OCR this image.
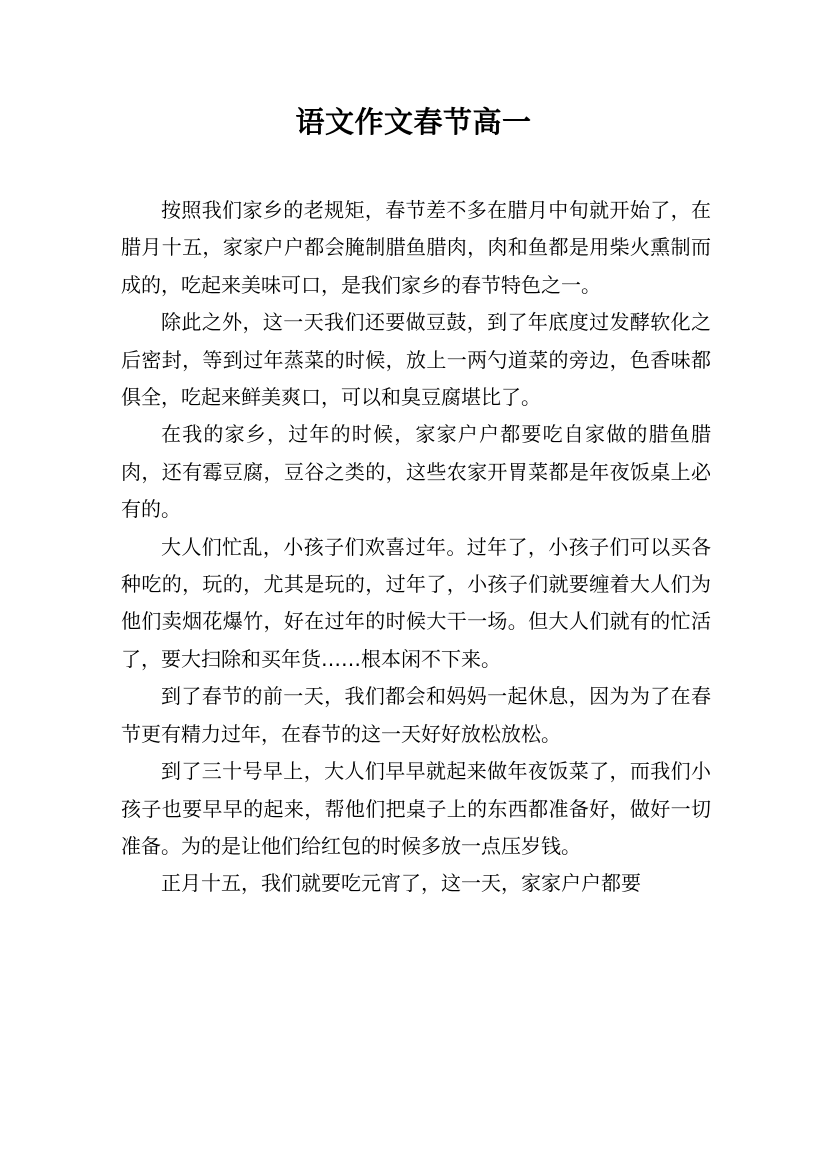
语文作文春节高一

按照我们家乡的老规矩，春节差不多在腊月中旬就开始了，在腊月十五，家家户户都会腌制腊鱼腊肉，肉和鱼都是用柴火熏制而成的，吃起来美味可口，是我们家乡的春节特色之一。

除此之外，这一天我们还要做豆鼓，到了年底度过发酵软化之后密封，等到过年蒸菜的时候，放上一两勺道菜的旁边，色香味都俱全，吃起来鲜美爽口，可以和臭豆腐堪比了。

在我的家乡，过年的时候，家家户户都要吃自家做的腊鱼腊肉，还有霉豆腐，豆谷之类的，这些农家开胃菜都是年夜饭桌上必有的。

大人们忙乱，小孩子们欢喜过年。过年了，小孩子们可以买各种吃的，玩的，尤其是玩的，过年了，小孩子们就要缠着大人们为他们卖烟花爆竹，好在过年的时候大干一场。但大人们就有的忙活了，要大扫除和买年货……根本闲不下来。

到了春节的前一天，我们都会和妈妈一起休息，因为为了在春节更有精力过年，在春节的这一天好好放松放松。

到了三十号早上，大人们早早就起来做年夜饭菜了，而我们小孩子也要早早的起来，帮他们把桌子上的东西都准备好，做好一切准备。为的是让他们给红包的时候多放一点压岁钱。

正月十五，我们就要吃元宵了，这一天，家家户户都要
